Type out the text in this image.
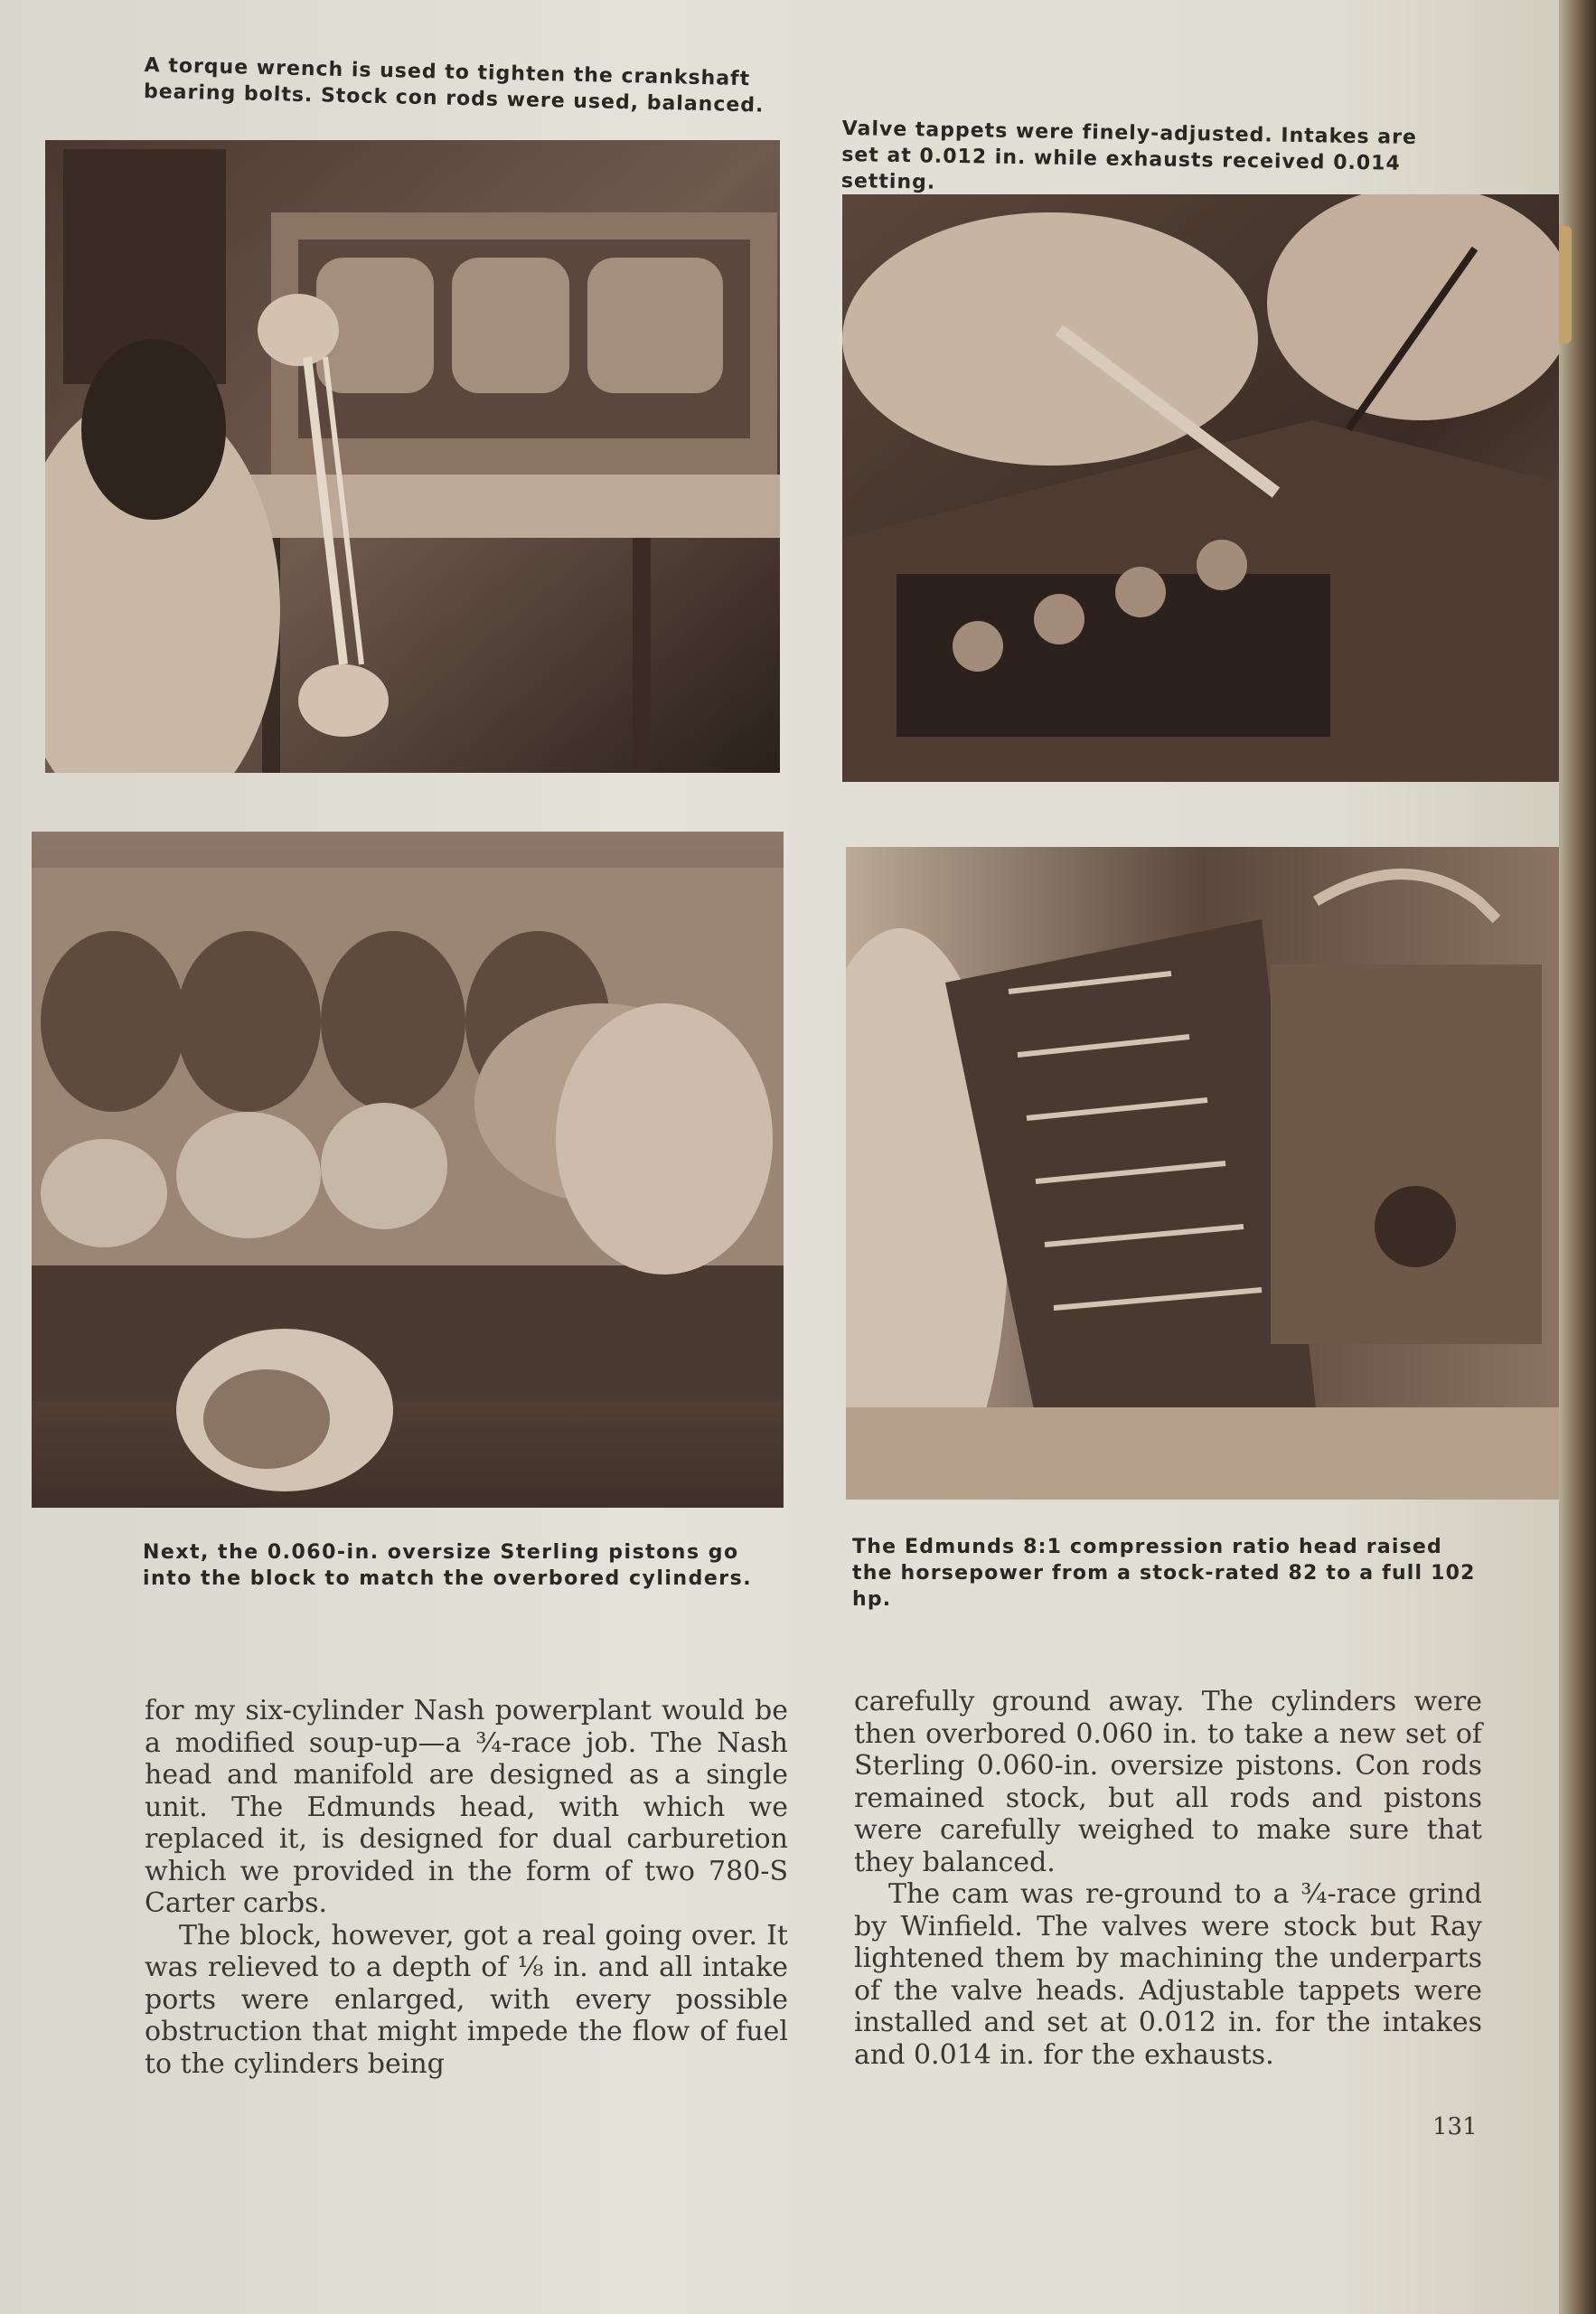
A torque wrench is used to tighten the crankshaft bearing bolts. Stock con rods were used, balanced.
Valve tappets were finely-adjusted. Intakes are set at 0.012 in. while exhausts received 0.014 setting.
Next, the 0.060-in. oversize Sterling pistons go into the block to match the overbored cylinders.
The Edmunds 8:1 compression ratio head raised the horsepower from a stock-rated 82 to a full 102 hp.

for my six-cylinder Nash powerplant would be a modified soup-up—a ¾-race job. The Nash head and manifold are designed as a single unit. The Edmunds head, with which we replaced it, is designed for dual carburetion which we provided in the form of two 780-S Carter carbs.

The block, however, got a real going over. It was relieved to a depth of ⅛ in. and all intake ports were enlarged, with every possible obstruction that might impede the flow of fuel to the cylinders being

carefully ground away. The cylinders were then overbored 0.060 in. to take a new set of Sterling 0.060-in. oversize pistons. Con rods remained stock, but all rods and pistons were carefully weighed to make sure that they balanced.

The cam was re-ground to a ¾-race grind by Winfield. The valves were stock but Ray lightened them by machining the underparts of the valve heads. Adjustable tappets were installed and set at 0.012 in. for the intakes and 0.014 in. for the exhausts.

131
